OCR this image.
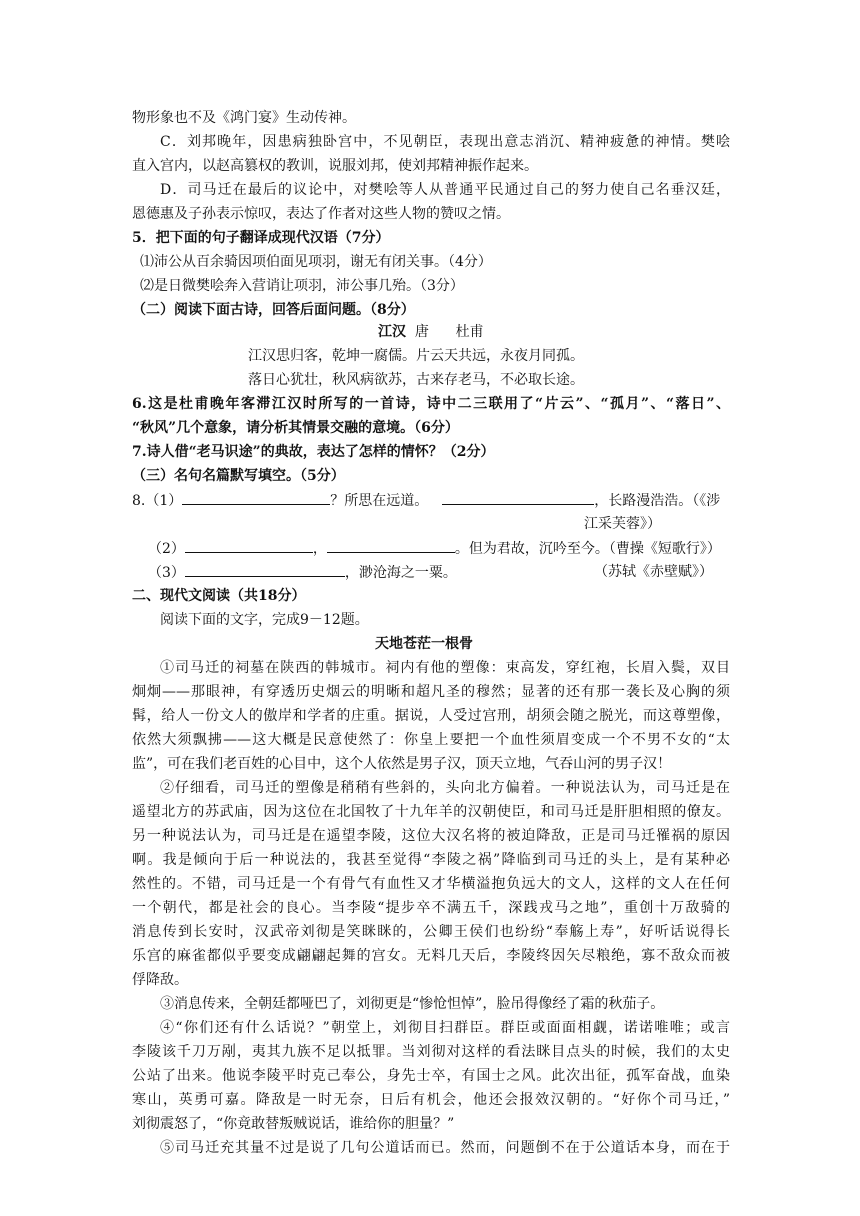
物形象也不及《鸿门宴》生动传神。
C．刘邦晚年，因患病独卧宫中，不见朝臣，表现出意志消沉、精神疲惫的神情。樊哙
直入宫内，以赵高篡权的教训，说服刘邦，使刘邦精神振作起来。
D．司马迁在最后的议论中，对樊哙等人从普通平民通过自己的努力使自己名垂汉廷，
恩德惠及子孙表示惊叹，表达了作者对这些人物的赞叹之情。
5．把下面的句子翻译成现代汉语（7分）
⑴沛公从百余骑因项伯面见项羽，谢无有闭关事。（4分）
⑵是日微樊哙奔入营诮让项羽，沛公事几殆。（3分）
（二）阅读下面古诗，回答后面问题。（8分）
江汉 唐 杜甫
江汉思归客，乾坤一腐儒。片云天共远，永夜月同孤。
落日心犹壮，秋风病欲苏，古来存老马，不必取长途。
6.这是杜甫晚年客滞江汉时所写的一首诗，诗中二三联用了“片云”、“孤月”、“落日”、
“秋风”几个意象，请分析其情景交融的意境。（6分）
7.诗人借“老马识途”的典故，表达了怎样的情怀？（2分）
（三）名句名篇默写填空。（5分）
8.（1）	？所思在远道。	，长路漫浩浩。（《涉
江采芙蓉》）
（2）	，	。但为君故，沉吟至今。（曹操《短歌行》）
（3）	，渺沧海之一粟。	（苏轼《赤壁赋》）
二、现代文阅读（共18分）
阅读下面的文字，完成9－12题。
天地苍茫一根骨
①司马迁的祠墓在陕西的韩城市。祠内有他的塑像：束高发，穿红袍，长眉入鬓，双目
炯炯——那眼神，有穿透历史烟云的明晰和超凡圣的穆然；显著的还有那一袭长及心胸的须
髯，给人一份文人的傲岸和学者的庄重。据说，人受过宫刑，胡须会随之脱光，而这尊塑像，
依然大须飘拂——这大概是民意使然了：你皇上要把一个血性须眉变成一个不男不女的“太
监”，可在我们老百姓的心目中，这个人依然是男子汉，顶天立地，气吞山河的男子汉！
②仔细看，司马迁的塑像是稍稍有些斜的，头向北方偏着。一种说法认为，司马迁是在
遥望北方的苏武庙，因为这位在北国牧了十九年羊的汉朝使臣，和司马迁是肝胆相照的僚友。
另一种说法认为，司马迁是在遥望李陵，这位大汉名将的被迫降敌，正是司马迁罹祸的原因
啊。我是倾向于后一种说法的，我甚至觉得“李陵之祸”降临到司马迁的头上，是有某种必
然性的。不错，司马迁是一个有骨气有血性又才华横溢抱负远大的文人，这样的文人在任何
一个朝代，都是社会的良心。当李陵“提步卒不满五千，深践戎马之地”，重创十万敌骑的
消息传到长安时，汉武帝刘彻是笑眯眯的，公卿王侯们也纷纷“奉觞上寿”，好听话说得长
乐宫的麻雀都似乎要变成翩翩起舞的宫女。无料几天后，李陵终因矢尽粮绝，寡不敌众而被
俘降敌。
③消息传来，全朝廷都哑巴了，刘彻更是“惨怆怛悼”，脸吊得像经了霜的秋茄子。
④“你们还有什么话说？”朝堂上，刘彻目扫群臣。群臣或面面相觑，诺诺唯唯；或言
李陵该千刀万剐，夷其九族不足以抵罪。当刘彻对这样的看法眯目点头的时候，我们的太史
公站了出来。他说李陵平时克己奉公，身先士卒，有国士之风。此次出征，孤军奋战，血染
寒山，英勇可嘉。降敌是一时无奈，日后有机会，他还会报效汉朝的。“好你个司马迁，”
刘彻震怒了，“你竟敢替叛贼说话，谁给你的胆量？”
⑤司马迁充其量不过是说了几句公道话而已。然而，问题倒不在于公道话本身，而在于
